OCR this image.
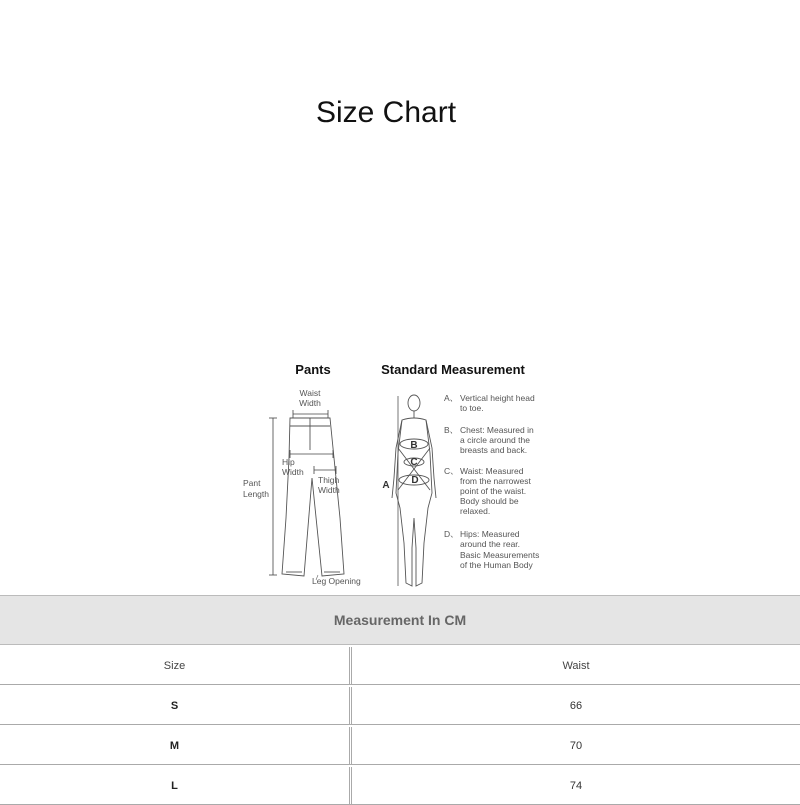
Size Chart
Pants
Waist
Width
Pant
Length
Hip
Width
Thigh
Width
Leg Opening
Standard Measurement
B
C
D
A
A、 Vertical height head
to toe.
B、 Chest: Measured in
a circle around the
breasts and back.
C、 Waist: Measured
from the narrowest
point of the waist.
Body should be
relaxed.
D、 Hips: Measured
around the rear.
Basic Measurements
of the Human Body
Measurement In CM
Size	Waist
S	66
M	70
L	74
